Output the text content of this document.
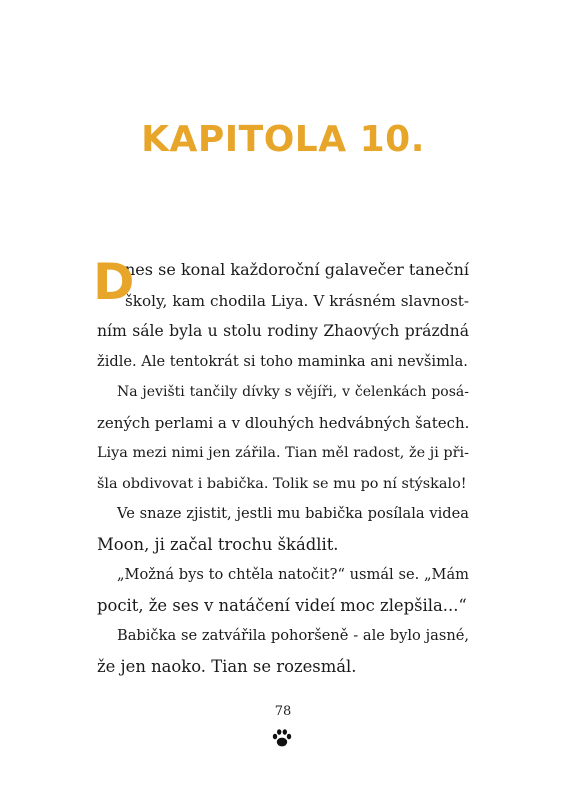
KAPITOLA 10.
D
nes se konal každoroční galavečer taneční
školy, kam chodila Liya. V krásném slavnost-
ním sále byla u stolu rodiny Zhaových prázdná
židle. Ale tentokrát si toho maminka ani nevšimla.
Na jevišti tančily dívky s vějíři, v čelenkách posá-
zených perlami a v dlouhých hedvábných šatech.
Liya mezi nimi jen zářila. Tian měl radost, že ji při-
šla obdivovat i babička. Tolik se mu po ní stýskalo!
Ve snaze zjistit, jestli mu babička posílala videa
Moon, ji začal trochu škádlit.
„Možná bys to chtěla natočit?“ usmál se. „Mám
pocit, že ses v natáčení videí moc zlepšila...“
Babička se zatvářila pohoršeně - ale bylo jasné,
že jen naoko. Tian se rozesmál.
78
